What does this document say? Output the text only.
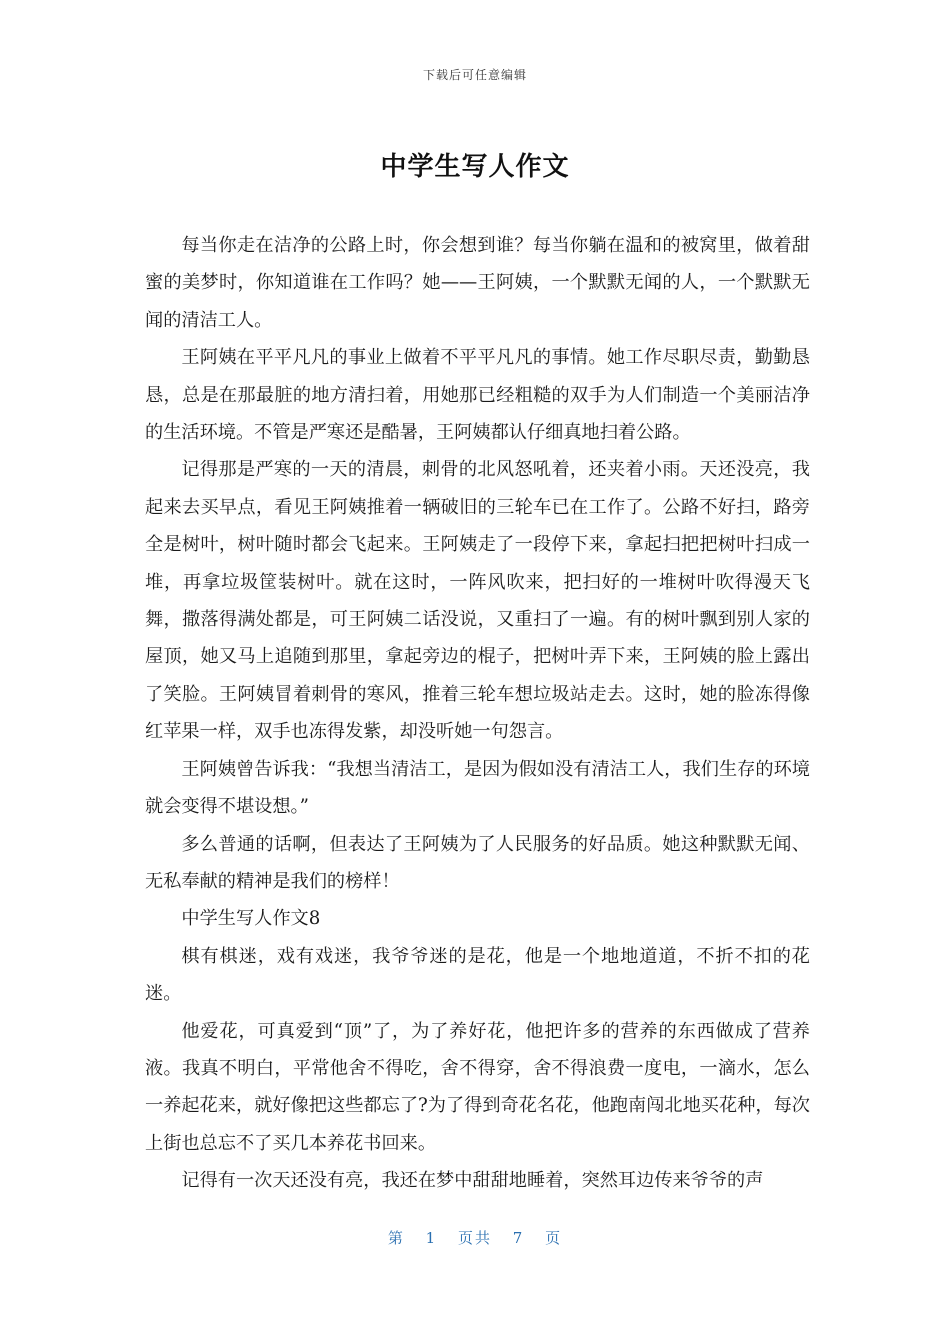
下载后可任意编辑
中学生写人作文

每当你走在洁净的公路上时，你会想到谁？每当你躺在温和的被窝里，做着甜蜜的美梦时，你知道谁在工作吗？她——王阿姨，一个默默无闻的人，一个默默无闻的清洁工人。

王阿姨在平平凡凡的事业上做着不平平凡凡的事情。她工作尽职尽责，勤勤恳恳，总是在那最脏的地方清扫着，用她那已经粗糙的双手为人们制造一个美丽洁净的生活环境。不管是严寒还是酷暑，王阿姨都认仔细真地扫着公路。

记得那是严寒的一天的清晨，刺骨的北风怒吼着，还夹着小雨。天还没亮，我起来去买早点，看见王阿姨推着一辆破旧的三轮车已在工作了。公路不好扫，路旁全是树叶，树叶随时都会飞起来。王阿姨走了一段停下来，拿起扫把把树叶扫成一堆，再拿垃圾筐装树叶。就在这时，一阵风吹来，把扫好的一堆树叶吹得漫天飞舞，撒落得满处都是，可王阿姨二话没说，又重扫了一遍。有的树叶飘到别人家的屋顶，她又马上追随到那里，拿起旁边的棍子，把树叶弄下来，王阿姨的脸上露出了笑脸。王阿姨冒着刺骨的寒风，推着三轮车想垃圾站走去。这时，她的脸冻得像红苹果一样，双手也冻得发紫，却没听她一句怨言。

王阿姨曾告诉我：“我想当清洁工，是因为假如没有清洁工人，我们生存的环境就会变得不堪设想。”

多么普通的话啊，但表达了王阿姨为了人民服务的好品质。她这种默默无闻、无私奉献的精神是我们的榜样！

中学生写人作文8

棋有棋迷，戏有戏迷，我爷爷迷的是花，他是一个地地道道，不折不扣的花迷。

他爱花，可真爱到“顶”了，为了养好花，他把许多的营养的东西做成了营养液。我真不明白，平常他舍不得吃，舍不得穿，舍不得浪费一度电，一滴水，怎么一养起花来，就好像把这些都忘了?为了得到奇花名花，他跑南闯北地买花种，每次上街也总忘不了买几本养花书回来。

记得有一次天还没有亮，我还在梦中甜甜地睡着，突然耳边传来爷爷的声

第 1 页共 7 页
